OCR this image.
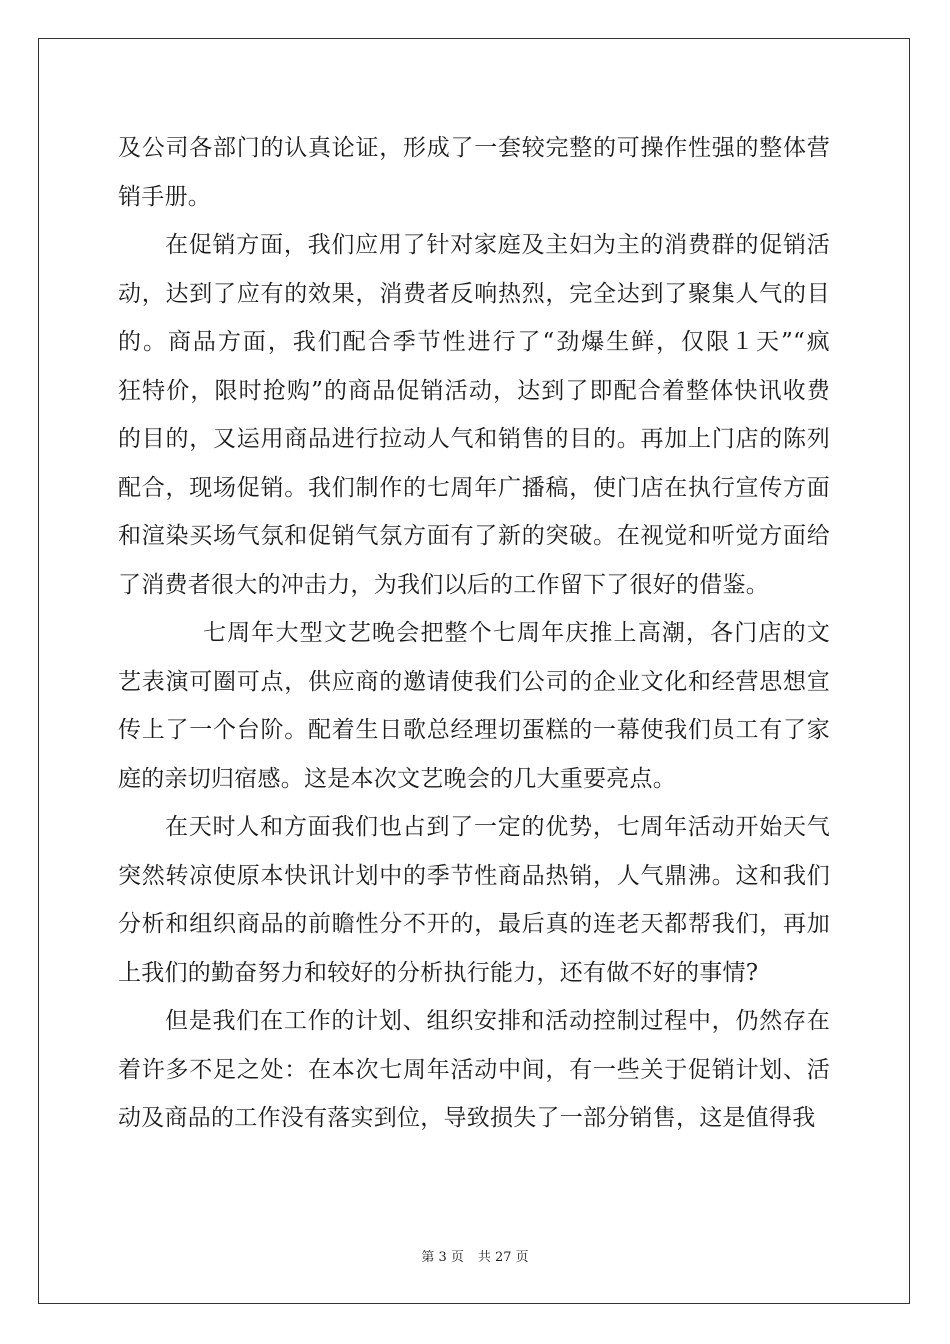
及公司各部门的认真论证，形成了一套较完整的可操作性强的整体营
销手册。
在促销方面，我们应用了针对家庭及主妇为主的消费群的促销活
动，达到了应有的效果，消费者反响热烈，完全达到了聚集人气的目
的。商品方面，我们配合季节性进行了“劲爆生鲜，仅限１天”“疯
狂特价，限时抢购”的商品促销活动，达到了即配合着整体快讯收费
的目的，又运用商品进行拉动人气和销售的目的。再加上门店的陈列
配合，现场促销。我们制作的七周年广播稿，使门店在执行宣传方面
和渲染买场气氛和促销气氛方面有了新的突破。在视觉和听觉方面给
了消费者很大的冲击力，为我们以后的工作留下了很好的借鉴。
七周年大型文艺晚会把整个七周年庆推上高潮，各门店的文
艺表演可圈可点，供应商的邀请使我们公司的企业文化和经营思想宣
传上了一个台阶。配着生日歌总经理切蛋糕的一幕使我们员工有了家
庭的亲切归宿感。这是本次文艺晚会的几大重要亮点。
在天时人和方面我们也占到了一定的优势，七周年活动开始天气
突然转凉使原本快讯计划中的季节性商品热销，人气鼎沸。这和我们
分析和组织商品的前瞻性分不开的，最后真的连老天都帮我们，再加
上我们的勤奋努力和较好的分析执行能力，还有做不好的事情?
但是我们在工作的计划、组织安排和活动控制过程中，仍然存在
着许多不足之处：在本次七周年活动中间，有一些关于促销计划、活
动及商品的工作没有落实到位，导致损失了一部分销售，这是值得我
第 3 页 共 27 页
